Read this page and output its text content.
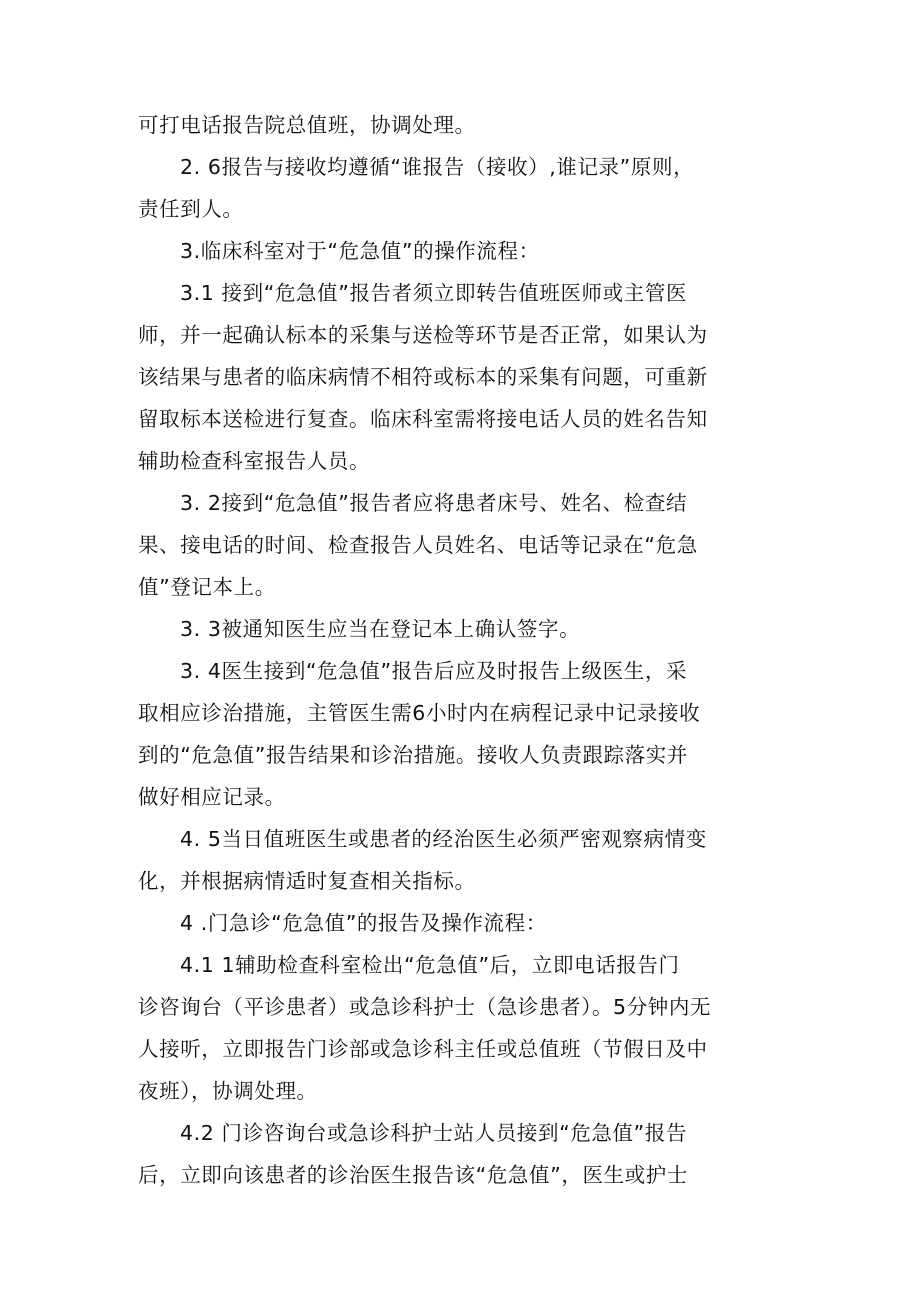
可打电话报告院总值班，协调处理。
2. 6报告与接收均遵循“谁报告（接收）,谁记录”原则，
责任到人。
3.临床科室对于“危急值”的操作流程：
3.1 接到“危急值”报告者须立即转告值班医师或主管医
师，并一起确认标本的采集与送检等环节是否正常，如果认为
该结果与患者的临床病情不相符或标本的采集有问题，可重新
留取标本送检进行复查。临床科室需将接电话人员的姓名告知
辅助检查科室报告人员。
3. 2接到“危急值”报告者应将患者床号、姓名、检查结
果、接电话的时间、检查报告人员姓名、电话等记录在“危急
值”登记本上。
3. 3被通知医生应当在登记本上确认签字。
3. 4医生接到“危急值”报告后应及时报告上级医生，采
取相应诊治措施，主管医生需6小时内在病程记录中记录接收
到的“危急值”报告结果和诊治措施。接收人负责跟踪落实并
做好相应记录。
4. 5当日值班医生或患者的经治医生必须严密观察病情变
化，并根据病情适时复查相关指标。
4 .门急诊“危急值”的报告及操作流程：
4.1 1辅助检查科室检出“危急值”后，立即电话报告门
诊咨询台（平诊患者）或急诊科护士（急诊患者）。5分钟内无
人接听，立即报告门诊部或急诊科主任或总值班（节假日及中
夜班），协调处理。
4.2 门诊咨询台或急诊科护士站人员接到“危急值”报告
后，立即向该患者的诊治医生报告该“危急值”，医生或护士
